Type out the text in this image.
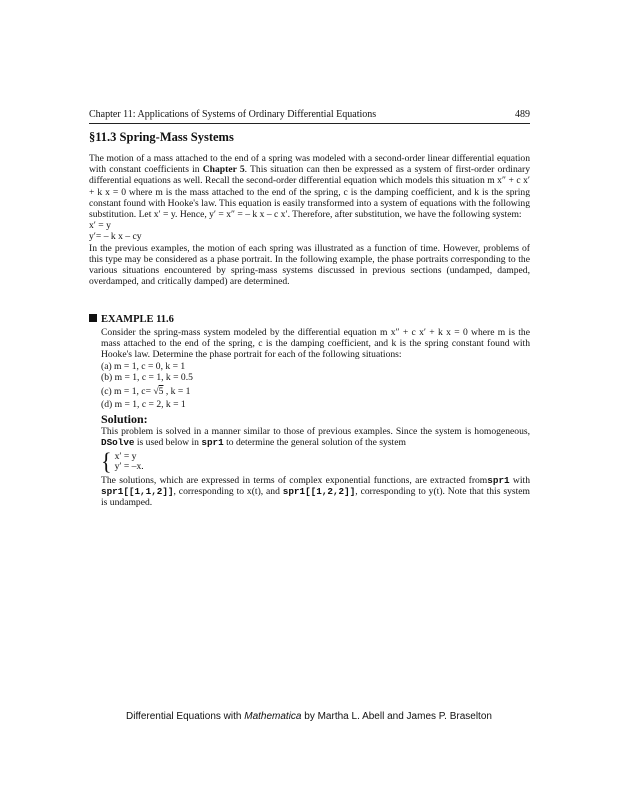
Chapter 11: Applications of Systems of Ordinary Differential Equations	489
§11.3 Spring-Mass Systems

The motion of a mass attached to the end of a spring was modeled with a second-order linear differential equation with constant coefficients in Chapter 5. This situation can then be expressed as a system of first-order ordinary differential equations as well. Recall the second-order differential equation which models this situation m x″ + c x′ + k x = 0 where m is the mass attached to the end of the spring, c is the damping coefficient, and k is the spring constant found with Hooke's law. This equation is easily transformed into a system of equations with the following substitution. Let x′ = y. Hence, y′ = x″ = – k x – c x′. Therefore, after substitution, we have the following system:

x′ = y
y′= – k x – cy

In the previous examples, the motion of each spring was illustrated as a function of time. However, problems of this type may be considered as a phase portrait. In the following example, the phase portraits corresponding to the various situations encountered by spring-mass systems discussed in previous sections (undamped, damped, overdamped, and critically damped) are determined.

EXAMPLE 11.6

Consider the spring-mass system modeled by the differential equation m x″ + c x′ + k x = 0 where m is the mass attached to the end of the spring, c is the damping coefficient, and k is the spring constant found with Hooke's law. Determine the phase portrait for each of the following situations:

(a) m = 1, c = 0, k = 1
(b) m = 1, c = 1, k = 0.5
(c) m = 1, c= √5 , k = 1
(d) m = 1, c = 2, k = 1
Solution:

This problem is solved in a manner similar to those of previous examples. Since the system is homogeneous, DSolve is used below in spr1 to determine the general solution of the system

{ x′ = y
y′ = –x.

The solutions, which are expressed in terms of complex exponential functions, are extracted fromspr1 with spr1[[1,1,2]], corresponding to x(t), and spr1[[1,2,2]], corresponding to y(t). Note that this system is undamped.

Differential Equations with Mathematica by Martha L. Abell and James P. Braselton
